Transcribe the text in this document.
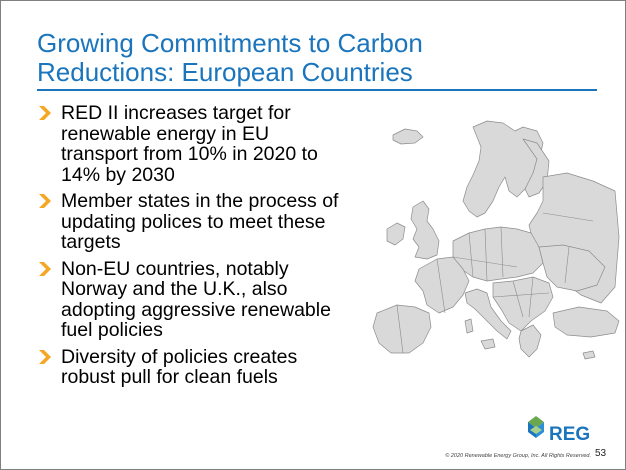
Growing Commitments to Carbon
Reductions: European Countries
RED II increases target for renewable energy in EU transport from 10% in 2020 to 14% by 2030
Member states in the process of updating polices to meet these targets
Non-EU countries, notably Norway and the U.K., also adopting aggressive renewable fuel policies
Diversity of policies creates robust pull for clean fuels
REG
© 2020 Renewable Energy Group, Inc. All Rights Reserved. 53
